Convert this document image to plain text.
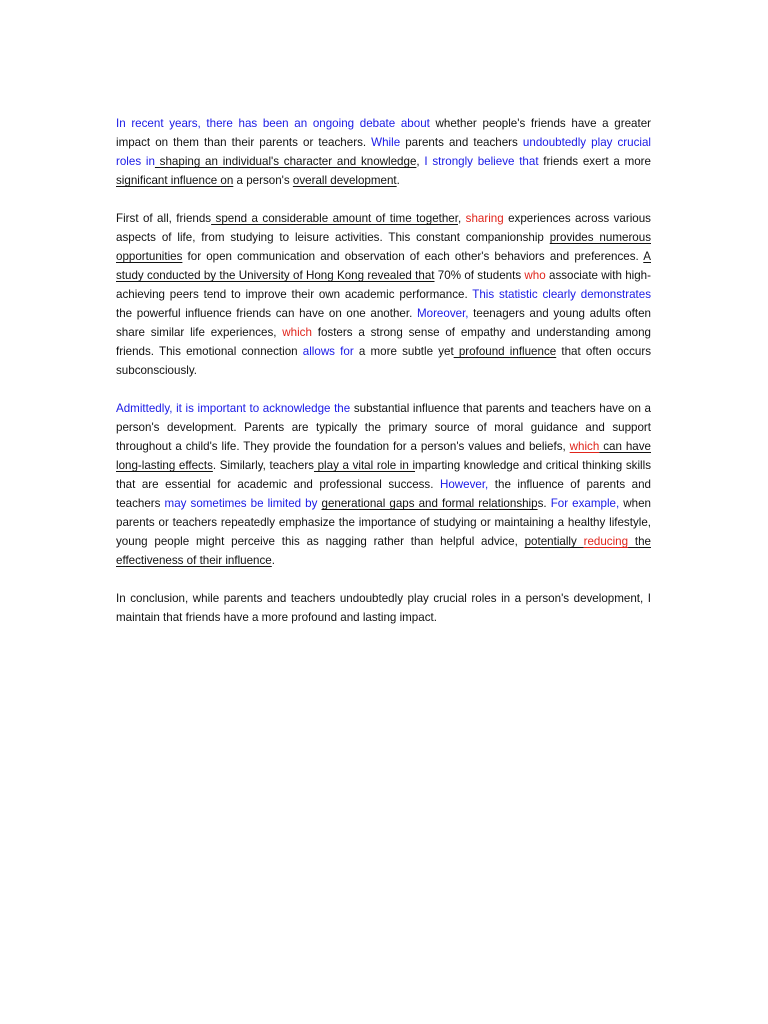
In recent years, there has been an ongoing debate about whether people's friends have a greater impact on them than their parents or teachers. While parents and teachers undoubtedly play crucial roles in shaping an individual's character and knowledge, I strongly believe that friends exert a more significant influence on a person's overall development.

First of all, friends spend a considerable amount of time together, sharing experiences across various aspects of life, from studying to leisure activities. This constant companionship provides numerous opportunities for open communication and observation of each other's behaviors and preferences. A study conducted by the University of Hong Kong revealed that 70% of students who associate with high-achieving peers tend to improve their own academic performance. This statistic clearly demonstrates the powerful influence friends can have on one another. Moreover, teenagers and young adults often share similar life experiences, which fosters a strong sense of empathy and understanding among friends. This emotional connection allows for a more subtle yet profound influence that often occurs subconsciously.

Admittedly, it is important to acknowledge the substantial influence that parents and teachers have on a person's development. Parents are typically the primary source of moral guidance and support throughout a child's life. They provide the foundation for a person's values and beliefs, which can have long-lasting effects. Similarly, teachers play a vital role in imparting knowledge and critical thinking skills that are essential for academic and professional success. However, the influence of parents and teachers may sometimes be limited by generational gaps and formal relationships. For example, when parents or teachers repeatedly emphasize the importance of studying or maintaining a healthy lifestyle, young people might perceive this as nagging rather than helpful advice, potentially reducing the effectiveness of their influence.

In conclusion, while parents and teachers undoubtedly play crucial roles in a person's development, I maintain that friends have a more profound and lasting impact.
